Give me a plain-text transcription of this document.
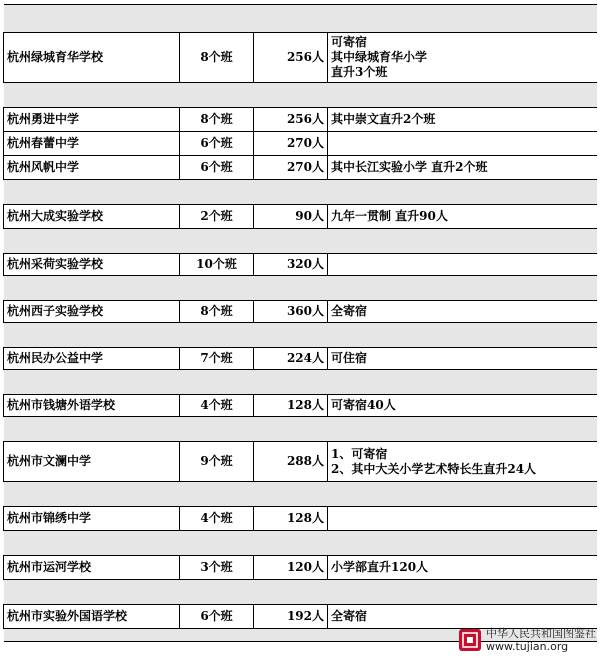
杭州绿城育华学校	8个班	256人	可寄宿
其中绿城育华小学
直升3个班

杭州勇进中学	8个班	256人	其中崇文直升2个班

杭州春蕾中学	6个班	270人	
杭州风帆中学	6个班	270人	其中长江实验小学 直升2个班

杭州大成实验学校	2个班	90人	九年一贯制 直升90人

杭州采荷实验学校	10个班	320人	

杭州西子实验学校	8个班	360人	全寄宿

杭州民办公益中学	7个班	224人	可住宿

杭州市钱塘外语学校	4个班	128人	可寄宿40人

杭州市文澜中学	9个班	288人	1、可寄宿
2、其中大关小学艺术特长生直升24人

杭州市锦绣中学	4个班	128人	

杭州市运河学校	3个班	120人	小学部直升120人

杭州市实验外国语学校	6个班	192人	全寄宿

中华人民共和国图鉴社
www.tujian.org
